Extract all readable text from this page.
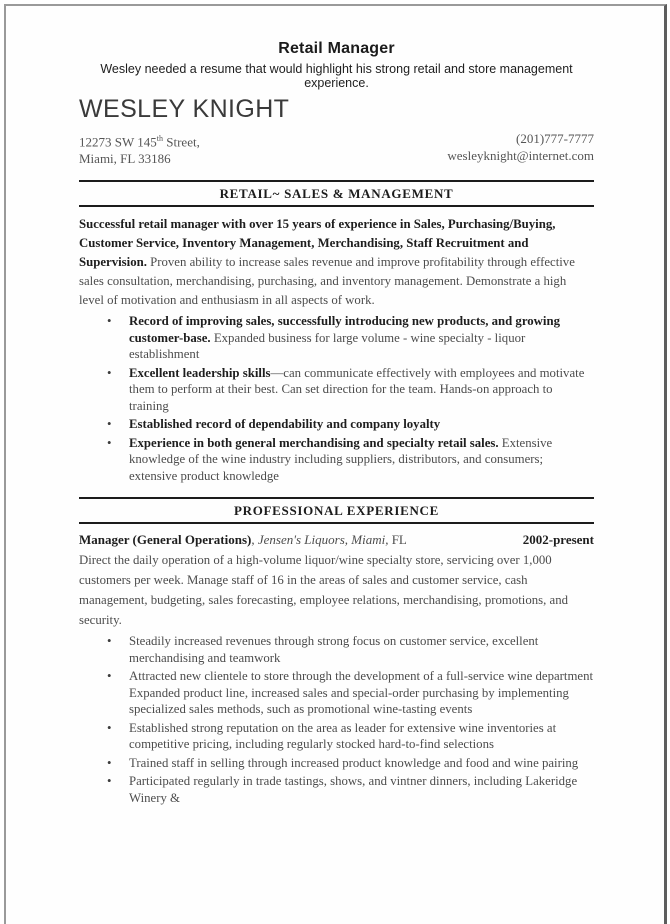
Retail Manager
Wesley needed a resume that would highlight his strong retail and store management experience.
WESLEY KNIGHT
12273 SW 145th Street,
Miami, FL 33186
(201)777-7777
wesleyknight@internet.com
RETAIL~ SALES & MANAGEMENT
Successful retail manager with over 15 years of experience in Sales, Purchasing/Buying, Customer Service, Inventory Management, Merchandising, Staff Recruitment and Supervision. Proven ability to increase sales revenue and improve profitability through effective sales consultation, merchandising, purchasing, and inventory management. Demonstrate a high level of motivation and enthusiasm in all aspects of work.
• Record of improving sales, successfully introducing new products, and growing customer-base. Expanded business for large volume - wine specialty - liquor establishment
• Excellent leadership skills—can communicate effectively with employees and motivate them to perform at their best. Can set direction for the team. Hands-on approach to training
• Established record of dependability and company loyalty
• Experience in both general merchandising and specialty retail sales. Extensive knowledge of the wine industry including suppliers, distributors, and consumers; extensive product knowledge
PROFESSIONAL EXPERIENCE
Manager (General Operations), Jensen's Liquors, Miami, FL	2002-present
Direct the daily operation of a high-volume liquor/wine specialty store, servicing over 1,000 customers per week. Manage staff of 16 in the areas of sales and customer service, cash management, budgeting, sales forecasting, employee relations, merchandising, promotions, and security.
• Steadily increased revenues through strong focus on customer service, excellent merchandising and teamwork
• Attracted new clientele to store through the development of a full-service wine department Expanded product line, increased sales and special-order purchasing by implementing specialized sales methods, such as promotional wine-tasting events
• Established strong reputation on the area as leader for extensive wine inventories at competitive pricing, including regularly stocked hard-to-find selections
• Trained staff in selling through increased product knowledge and food and wine pairing
• Participated regularly in trade tastings, shows, and vintner dinners, including Lakeridge Winery &
